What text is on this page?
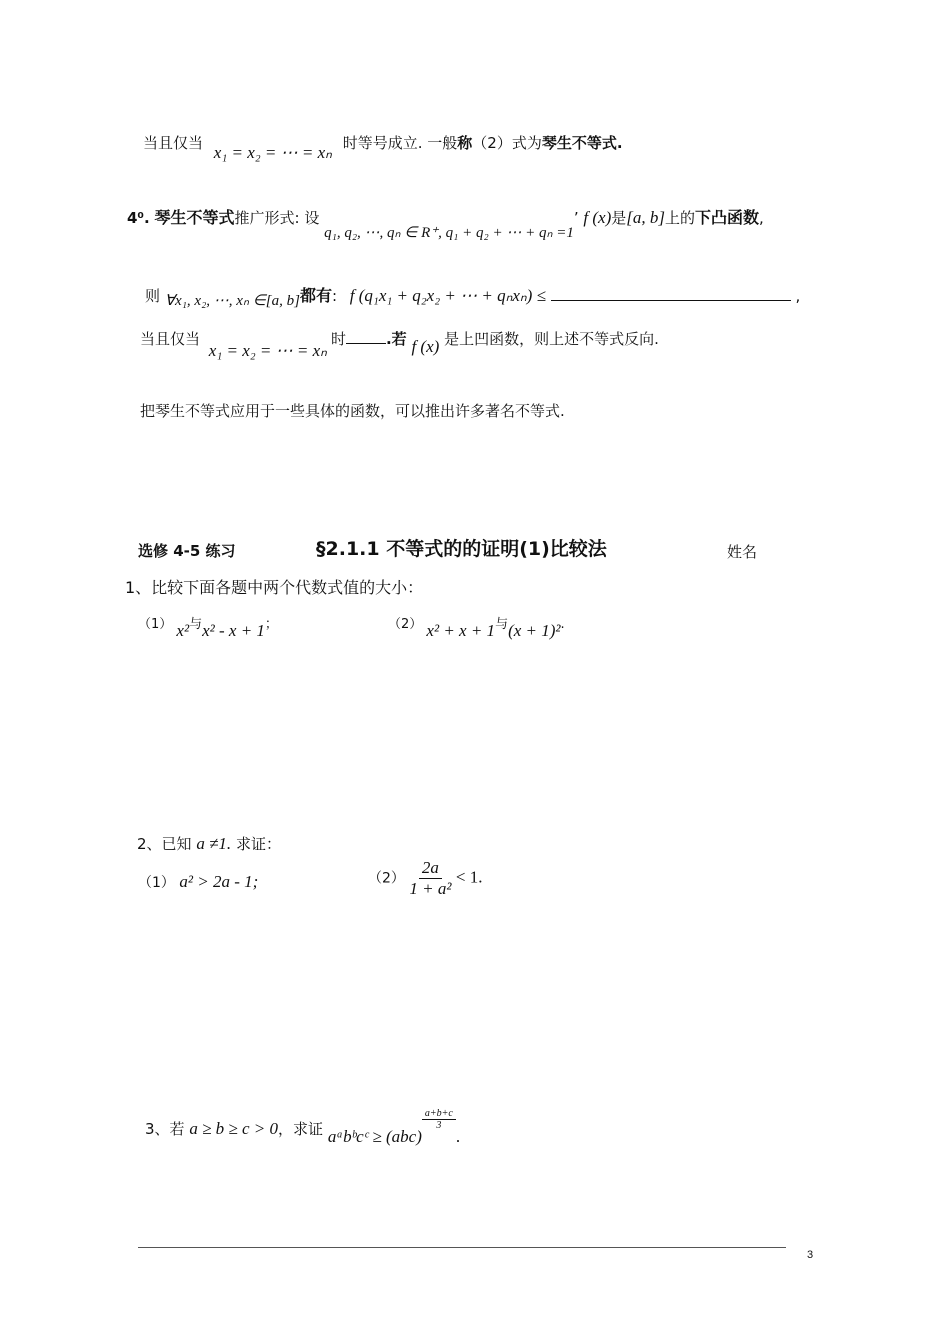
当且仅当 x₁ = x₂ = ⋯ = xₙ 时等号成立. 一般称（2）式为琴生不等式.
4⁰. 琴生不等式推广形式: 设 q₁, q₂, ⋯, qₙ ∈ R⁺, q₁ + q₂ + ⋯ + qₙ =1’ f (x)是[a, b]上的下凸函数,
则 ∀x₁, x₂, ⋯, xₙ ∈[a, b]都有: f (q₁x₁ + q₂x₂ + ⋯ + qₙxₙ) ≤	,
当且仅当 x₁ = x₂ = ⋯ = xₙ时	.若 f (x) 是上凹函数，则上述不等式反向.
把琴生不等式应用于一些具体的函数，可以推出许多著名不等式.
选修 4-5 练习	§2.1.1 不等式的的证明(1)比较法	姓名
1、比较下面各题中两个代数式值的大小：
（1） x²与x² - x + 1；	（2） x² + x + 1与(x + 1)².
2、已知 a ≠1. 求证：
（1） a² > 2a - 1;	$(2) \frac{2a}{\text{1 + a²}} < 1$.
3、若 a ≥ b ≥ c > 0，求证 aᵃbᵇcᶜ ≥ (abc)
$\frac{a+b+c}{3}$
.
3
